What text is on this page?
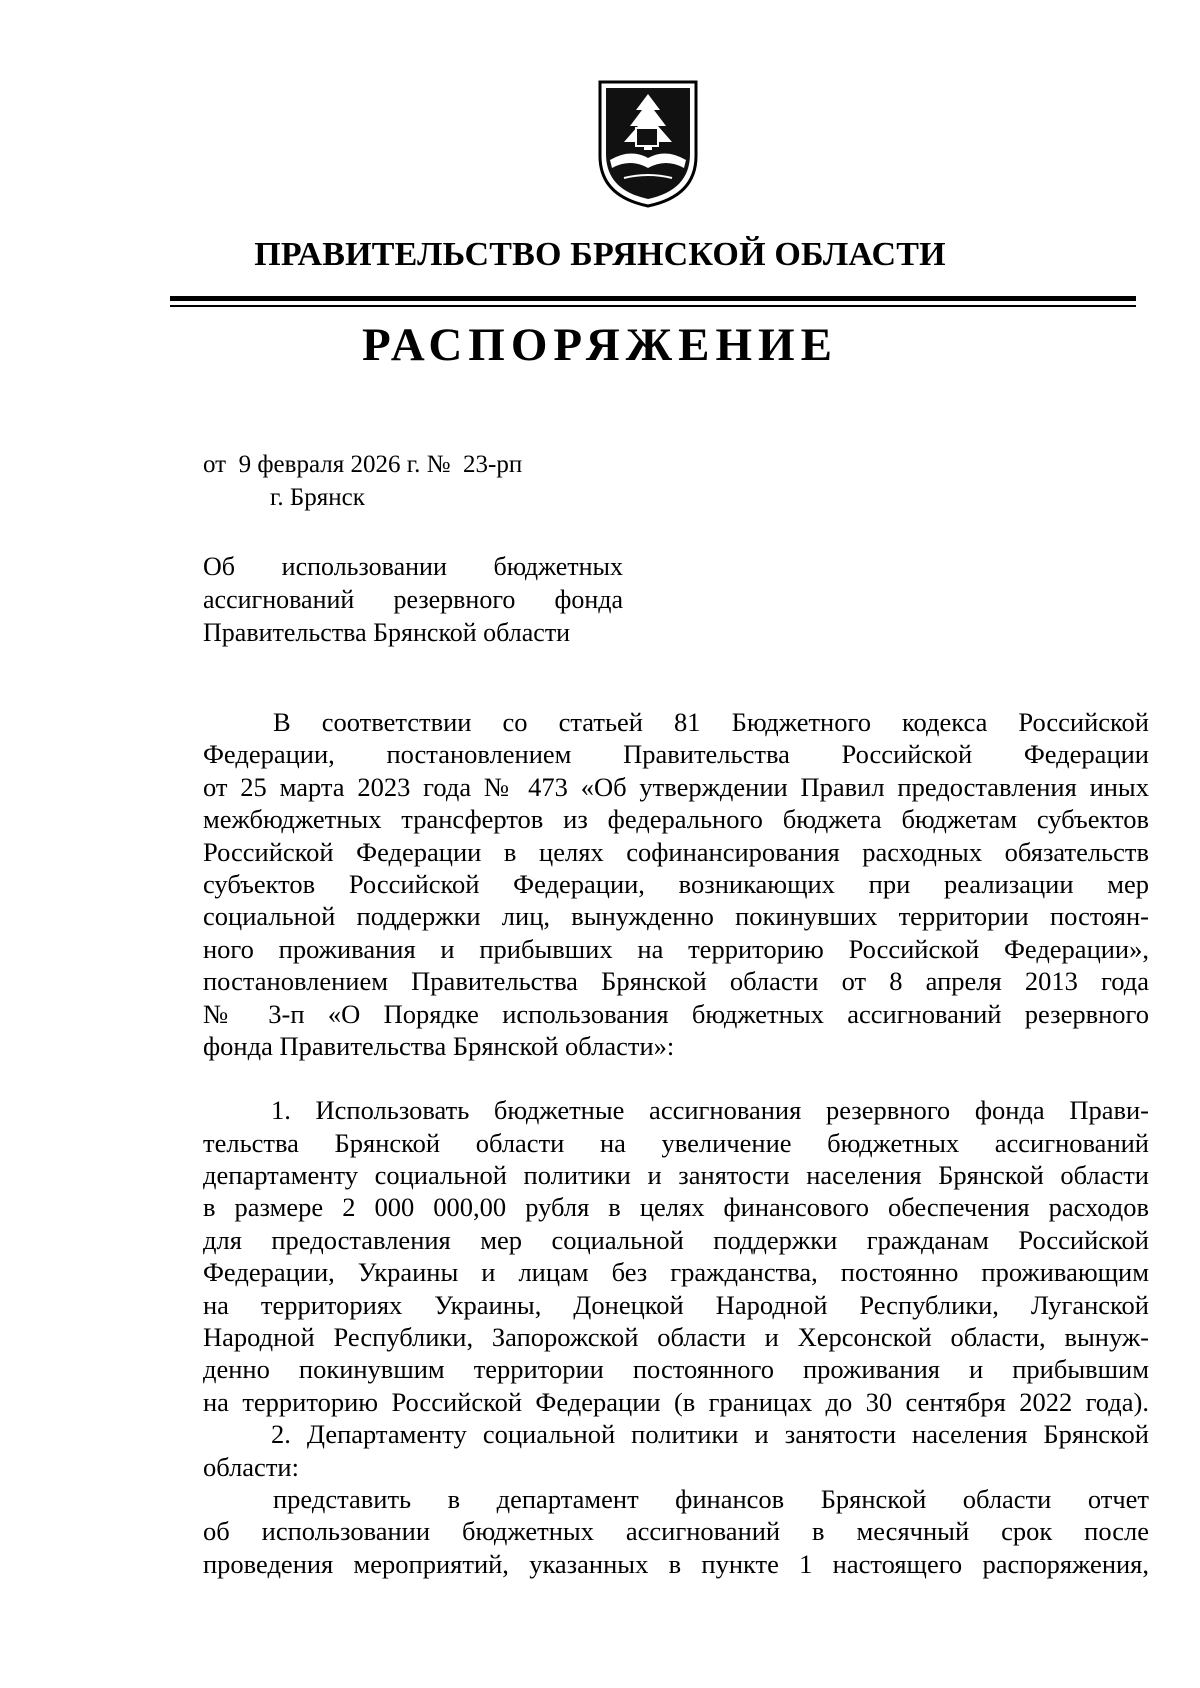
ПРАВИТЕЛЬСТВО БРЯНСКОЙ ОБЛАСТИ
РАСПОРЯЖЕНИЕ
от  9 февраля 2026 г. №  23-рп
г. Брянск
Об использовании бюджетных
ассигнований резервного фонда
Правительства Брянской области
В соответствии со статьей 81 Бюджетного кодекса Российской
Федерации, постановлением Правительства Российской Федерации
от 25 марта 2023 года № 473 «Об утверждении Правил предоставления иных
межбюджетных трансфертов из федерального бюджета бюджетам субъектов
Российской Федерации в целях софинансирования расходных обязательств
субъектов Российской Федерации, возникающих при реализации мер
социальной поддержки лиц, вынужденно покинувших территории постоян-
ного проживания и прибывших на территорию Российской Федерации»,
постановлением Правительства Брянской области от 8 апреля 2013 года
№ 3-п «О Порядке использования бюджетных ассигнований резервного
фонда Правительства Брянской области»:
1. Использовать бюджетные ассигнования резервного фонда Прави-
тельства Брянской области на увеличение бюджетных ассигнований
департаменту социальной политики и занятости населения Брянской области
в размере 2 000 000,00 рубля в целях финансового обеспечения расходов
для предоставления мер социальной поддержки гражданам Российской
Федерации, Украины и лицам без гражданства, постоянно проживающим
на территориях Украины, Донецкой Народной Республики, Луганской
Народной Республики, Запорожской области и Херсонской области, вынуж-
денно покинувшим территории постоянного проживания и прибывшим
на территорию Российской Федерации (в границах до 30 сентября 2022 года).
2. Департаменту социальной политики и занятости населения Брянской
области:
представить в департамент финансов Брянской области отчет
об использовании бюджетных ассигнований в месячный срок после
проведения мероприятий, указанных в пункте 1 настоящего распоряжения,
